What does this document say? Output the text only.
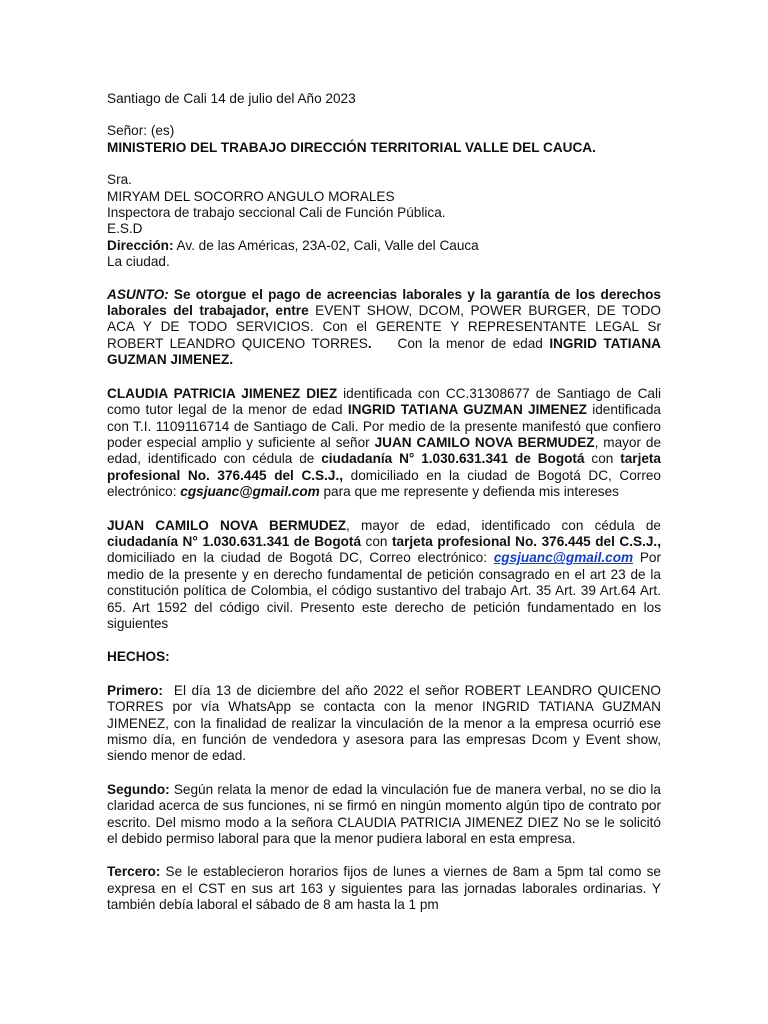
Santiago de Cali 14 de julio del Año 2023

Señor: (es)

MINISTERIO DEL TRABAJO DIRECCIÓN TERRITORIAL VALLE DEL CAUCA.

Sra.

MIRYAM DEL SOCORRO ANGULO MORALES

Inspectora de trabajo seccional Cali de Función Pública.

E.S.D

Dirección: Av. de las Américas, 23A-02, Cali, Valle del Cauca

La ciudad.

ASUNTO: Se otorgue el pago de acreencias laborales y la garantía de los derechos laborales del trabajador, entre EVENT SHOW, DCOM, POWER BURGER, DE TODO ACA Y DE TODO SERVICIOS. Con el GERENTE Y REPRESENTANTE LEGAL Sr ROBERT LEANDRO QUICENO TORRES.    Con la menor de edad INGRID TATIANA GUZMAN JIMENEZ.

CLAUDIA PATRICIA JIMENEZ DIEZ identificada con CC.31308677 de Santiago de Cali como tutor legal de la menor de edad INGRID TATIANA GUZMAN JIMENEZ identificada con T.I. 1109116714 de Santiago de Cali. Por medio de la presente manifestó que confiero poder especial amplio y suficiente al señor JUAN CAMILO NOVA BERMUDEZ, mayor de edad, identificado con cédula de ciudadanía N° 1.030.631.341 de Bogotá con tarjeta profesional No. 376.445 del C.S.J., domiciliado en la ciudad de Bogotá DC, Correo electrónico: cgsjuanc@gmail.com para que me represente y defienda mis intereses

JUAN CAMILO NOVA BERMUDEZ, mayor de edad, identificado con cédula de ciudadanía N° 1.030.631.341 de Bogotá con tarjeta profesional No. 376.445 del C.S.J., domiciliado en la ciudad de Bogotá DC, Correo electrónico: cgsjuanc@gmail.com Por medio de la presente y en derecho fundamental de petición consagrado en el art 23 de la constitución política de Colombia, el código sustantivo del trabajo Art. 35 Art. 39 Art.64 Art. 65. Art 1592 del código civil. Presento este derecho de petición fundamentado en los siguientes

HECHOS:

Primero:  El día 13 de diciembre del año 2022 el señor ROBERT LEANDRO QUICENO TORRES por vía WhatsApp se contacta con la menor INGRID TATIANA GUZMAN JIMENEZ, con la finalidad de realizar la vinculación de la menor a la empresa ocurrió ese mismo día, en función de vendedora y asesora para las empresas Dcom y Event show, siendo menor de edad.

Segundo: Según relata la menor de edad la vinculación fue de manera verbal, no se dio la claridad acerca de sus funciones, ni se firmó en ningún momento algún tipo de contrato por escrito. Del mismo modo a la señora CLAUDIA PATRICIA JIMENEZ DIEZ No se le solicitó el debido permiso laboral para que la menor pudiera laboral en esta empresa.

Tercero: Se le establecieron horarios fijos de lunes a viernes de 8am a 5pm tal como se expresa en el CST en sus art 163 y siguientes para las jornadas laborales ordinarias. Y también debía laboral el sábado de 8 am hasta la 1 pm
